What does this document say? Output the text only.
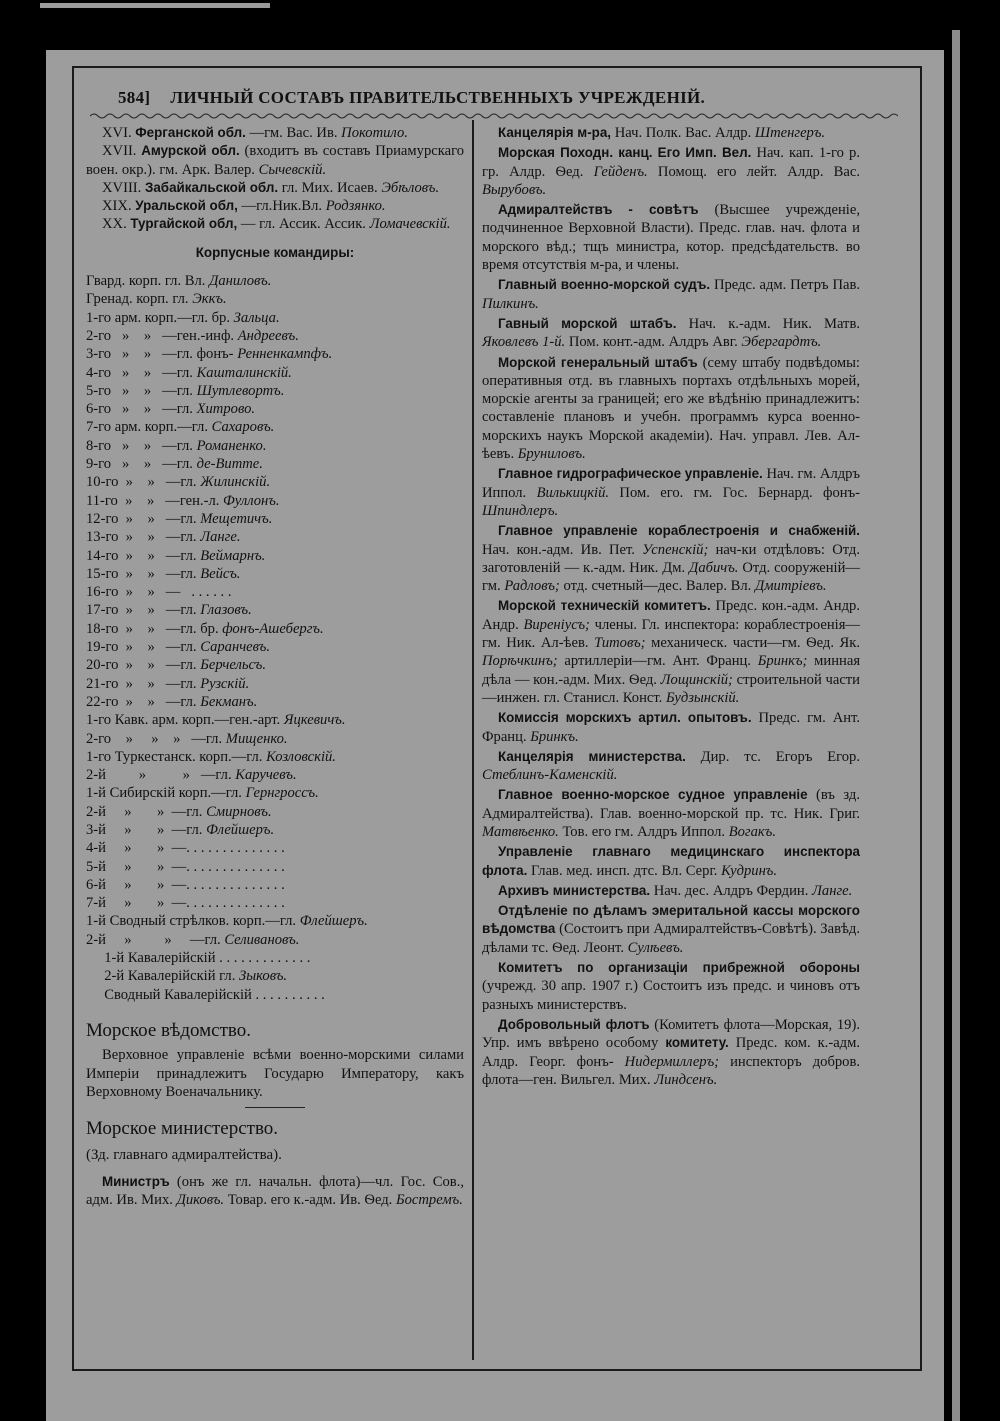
584] ЛИЧНЫЙ СОСТАВЪ ПРАВИТЕЛЬСТВЕННЫХЪ УЧРЕЖДЕНІЙ.

XVI. Ферганской обл. —гм. Вас. Ив. Покотило.

XVII. Амурской обл. (входитъ въ составъ Приамурскаго воен. окр.). гм. Арк. Валер. Сычевскій.

XVIII. Забайкальской обл. гл. Мих. Исаев. Эбѣловъ.

XIX. Уральской обл, —гл.Ник.Вл. Родзянко.

XX. Тургайской обл, — гл. Ассик. Ассик. Ломачевскій.

Корпусные командиры:

Гвард. корп. гл. Вл. Даниловъ.

Гренад. корп. гл. Эккъ.

1-го арм. корп.—гл. бр. Зальца.

2-го   »    »   —ген.-инф. Андреевъ.

3-го   »    »   —гл. фонъ- Ренненкампфъ.

4-го   »    »   —гл. Кашталинскій.

5-го   »    »   —гл. Шутлевортъ.

6-го   »    »   —гл. Хитрово.

7-го арм. корп.—гл. Сахаровъ.

8-го   »    »   —гл. Романенко.

9-го   »    »   —гл. де-Витте.

10-го  »    »   —гл. Жилинскій.

11-го  »    »   —ген.-л. Фуллонъ.

12-го  »    »   —гл. Мещетичъ.

13-го  »    »   —гл. Ланге.

14-го  »    »   —гл. Веймарнъ.

15-го  »    »   —гл. Вейсъ.

16-го  »    »   —   . . . . . .

17-го  »    »   —гл. Глазовъ.

18-го  »    »   —гл. бр. фонъ-Ашебергъ.

19-го  »    »   —гл. Саранчевъ.

20-го  »    »   —гл. Берчельсъ.

21-го  »    »   —гл. Рузскій.

22-го  »    »   —гл. Бекманъ.

1-го Кавк. арм. корп.—ген.-арт. Яцкевичъ.

2-го    »     »    »   —гл. Мищенко.

1-го Туркестанск. корп.—гл. Козловскій.

2-й         »          »   —гл. Каручевъ.

1-й Сибирскій корп.—гл. Гернгроссъ.

2-й     »       »  —гл. Смирновъ.

3-й     »       »  —гл. Флейшеръ.

4-й     »       »  —. . . . . . . . . . . . . .

5-й     »       »  —. . . . . . . . . . . . . .

6-й     »       »  —. . . . . . . . . . . . . .

7-й     »       »  —. . . . . . . . . . . . . .

1-й Сводный стрѣлков. корп.—гл. Флейшеръ.

2-й     »         »     —гл. Селивановъ.

1-й Кавалерійскій . . . . . . . . . . . . .

2-й Кавалерійскій гл. Зыковъ.

Сводный Кавалерійскій . . . . . . . . . .

Морское вѣдомство.

Верховное управленіе всѣми военно-морскими силами Имперіи принадлежитъ Государю Императору, какъ Верховному Военачальнику.

Морское министерство.

(Зд. главнаго адмиралтейства).

Министръ (онъ же гл. начальн. флота)—чл. Гос. Сов., адм. Ив. Мих. Диковъ. Товар. его к.-адм. Ив. Ѳед. Бостремъ.

Канцелярія м-ра, Нач. Полк. Вас. Алдр. Штенгеръ.

Морская Походн. канц. Его Имп. Вел. Нач. кап. 1-го р. гр. Алдр. Ѳед. Гейденъ. Помощ. его лейт. Алдр. Вас. Вырубовъ.

Адмиралтействъ - совѣтъ (Высшее учрежденіе, подчиненное Верховной Власти). Предс. глав. нач. флота и морского вѣд.; тщъ министра, котор. предсѣдательств. во время отсутствія м-ра, и члены.

Главный военно-морской судъ. Предс. адм. Петръ Пав. Пилкинъ.

Гавный морской штабъ. Нач. к.-адм. Ник. Матв. Яковлевъ 1-й. Пом. конт.-адм. Алдръ Авг. Эбергардтъ.

Морской генеральный штабъ (сему штабу подвѣдомы: оперативныя отд. въ главныхъ портахъ отдѣльныхъ морей, морскіе агенты за границей; его же вѣдѣнію принадлежитъ: составленіе плановъ и учебн. программъ курса военно-морскихъ наукъ Морской академіи). Нач. управл. Лев. Ал-ѣевъ. Бруниловъ.

Главное гидрографическое управленіе. Нач. гм. Алдръ Иппол. Вилькицкій. Пом. его. гм. Гос. Бернард. фонъ- Шпиндлеръ.

Главное управленіе кораблестроенія и снабженій. Нач. кон.-адм. Ив. Пет. Успенскій; нач-ки отдѣловъ: Отд. заготовленій — к.-адм. Ник. Дм. Дабичъ. Отд. сооруженій—гм. Радловъ; отд. счетный—дес. Валер. Вл. Дмитріевъ.

Морской техническій комитетъ. Предс. кон.-адм. Андр. Андр. Виренiусъ; члены. Гл. инспектора: кораблестроенія—гм. Ник. Ал-ѣев. Титовъ; механическ. части—гм. Ѳед. Як. Порѣчкинъ; артиллеріи—гм. Ант. Франц. Бринкъ; минная дѣла — кон.-адм. Мих. Ѳед. Лощинскій; строительной части—инжен. гл. Станисл. Конст. Будзынскій.

Комиссія морскихъ артил. опытовъ. Предс. гм. Ант. Франц. Бринкъ.

Канцелярія министерства. Дир. тс. Егоръ Егор. Стеблинъ-Каменскій.

Главное военно-морское судное управленіе (въ зд. Адмиралтейства). Глав. военно-морской пр. тс. Ник. Григ. Матвѣенко. Тов. его гм. Алдръ Иппол. Вогакъ.

Управленіе главнаго медицинскаго инспектора флота. Глав. мед. инсп. дтс. Вл. Серг. Кудринъ.

Архивъ министерства. Нач. дес. Алдръ Фердин. Ланге.

Отдѣленіе по дѣламъ эмеритальной кассы морского вѣдомства (Состоитъ при Адмиралтействъ-Совѣтѣ). Завѣд. дѣлами тс. Ѳед. Леонт. Сулѣевъ.

Комитетъ по организаціи прибрежной обороны (учрежд. 30 апр. 1907 г.) Состоитъ изъ предс. и чиновъ отъ разныхъ министерствъ.

Добровольный флотъ (Комитетъ флота—Морская, 19). Упр. имъ ввѣрено особому комитету. Предс. ком. к.-адм. Алдр. Георг. фонъ- Нидермиллеръ; инспекторъ добров. флота—ген. Вильгел. Мих. Линдсенъ.
